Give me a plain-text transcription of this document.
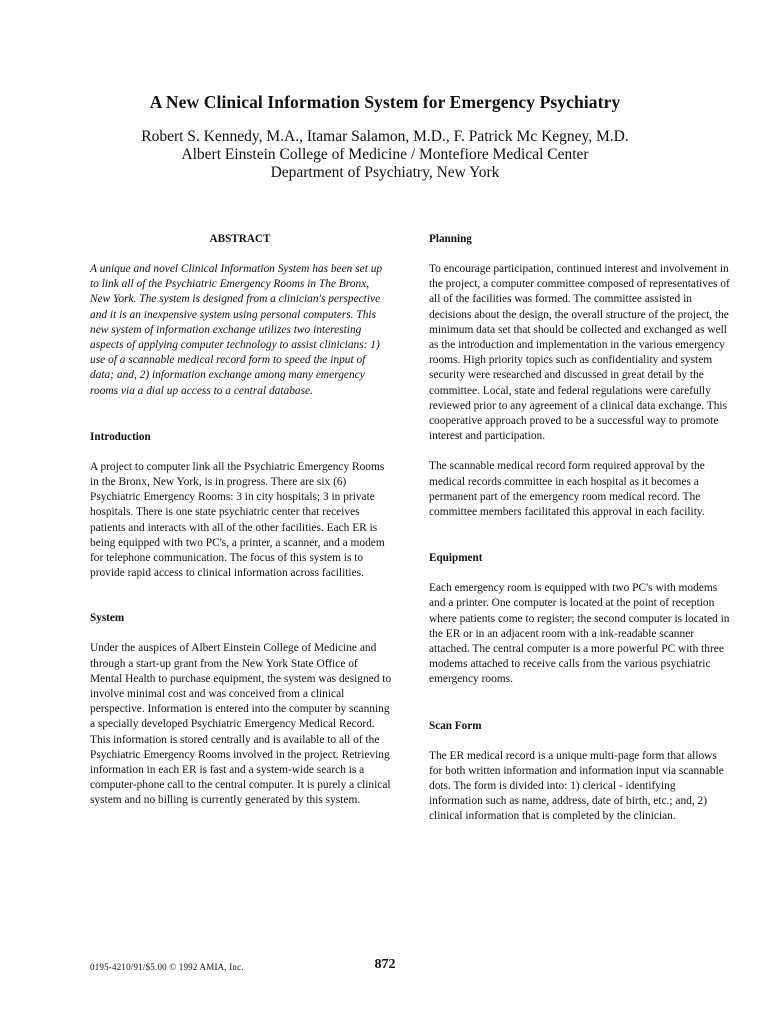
A New Clinical Information System for Emergency Psychiatry
Robert S. Kennedy, M.A., Itamar Salamon, M.D., F. Patrick Mc Kegney, M.D.
Albert Einstein College of Medicine / Montefiore Medical Center
Department of Psychiatry, New York
ABSTRACT

A unique and novel Clinical Information System has been set up to link all of the Psychiatric Emergency Rooms in The Bronx, New York. The system is designed from a clinician's perspective and it is an inexpensive system using personal computers. This new system of information exchange utilizes two interesting aspects of applying computer technology to assist clinicians: 1) use of a scannable medical record form to speed the input of data; and, 2) information exchange among many emergency rooms via a dial up access to a central database.

Introduction

A project to computer link all the Psychiatric Emergency Rooms in the Bronx, New York, is in progress. There are six (6) Psychiatric Emergency Rooms: 3 in city hospitals; 3 in private hospitals. There is one state psychiatric center that receives patients and interacts with all of the other facilities. Each ER is being equipped with two PC's, a printer, a scanner, and a modem for telephone communication. The focus of this system is to provide rapid access to clinical information across facilities.

System

Under the auspices of Albert Einstein College of Medicine and through a start-up grant from the New York State Office of Mental Health to purchase equipment, the system was designed to involve minimal cost and was conceived from a clinical perspective. Information is entered into the computer by scanning a specially developed Psychiatric Emergency Medical Record. This information is stored centrally and is available to all of the Psychiatric Emergency Rooms involved in the project. Retrieving information in each ER is fast and a system-wide search is a computer-phone call to the central computer. It is purely a clinical system and no billing is currently generated by this system.

Planning

To encourage participation, continued interest and involvement in the project, a computer committee composed of representatives of all of the facilities was formed. The committee assisted in decisions about the design, the overall structure of the project, the minimum data set that should be collected and exchanged as well as the introduction and implementation in the various emergency rooms. High priority topics such as confidentiality and system security were researched and discussed in great detail by the committee. Local, state and federal regulations were carefully reviewed prior to any agreement of a clinical data exchange. This cooperative approach proved to be a successful way to promote interest and participation.

The scannable medical record form required approval by the medical records committee in each hospital as it becomes a permanent part of the emergency room medical record. The committee members facilitated this approval in each facility.

Equipment

Each emergency room is equipped with two PC's with modems and a printer. One computer is located at the point of reception where patients come to register; the second computer is located in the ER or in an adjacent room with a ink-readable scanner attached. The central computer is a more powerful PC with three modems attached to receive calls from the various psychiatric emergency rooms.

Scan Form

The ER medical record is a unique multi-page form that allows for both written information and information input via scannable dots. The form is divided into: 1) clerical - identifying information such as name, address, date of birth, etc.; and, 2) clinical information that is completed by the clinician.

0195-4210/91/$5.00 © 1992 AMIA, Inc.	872
